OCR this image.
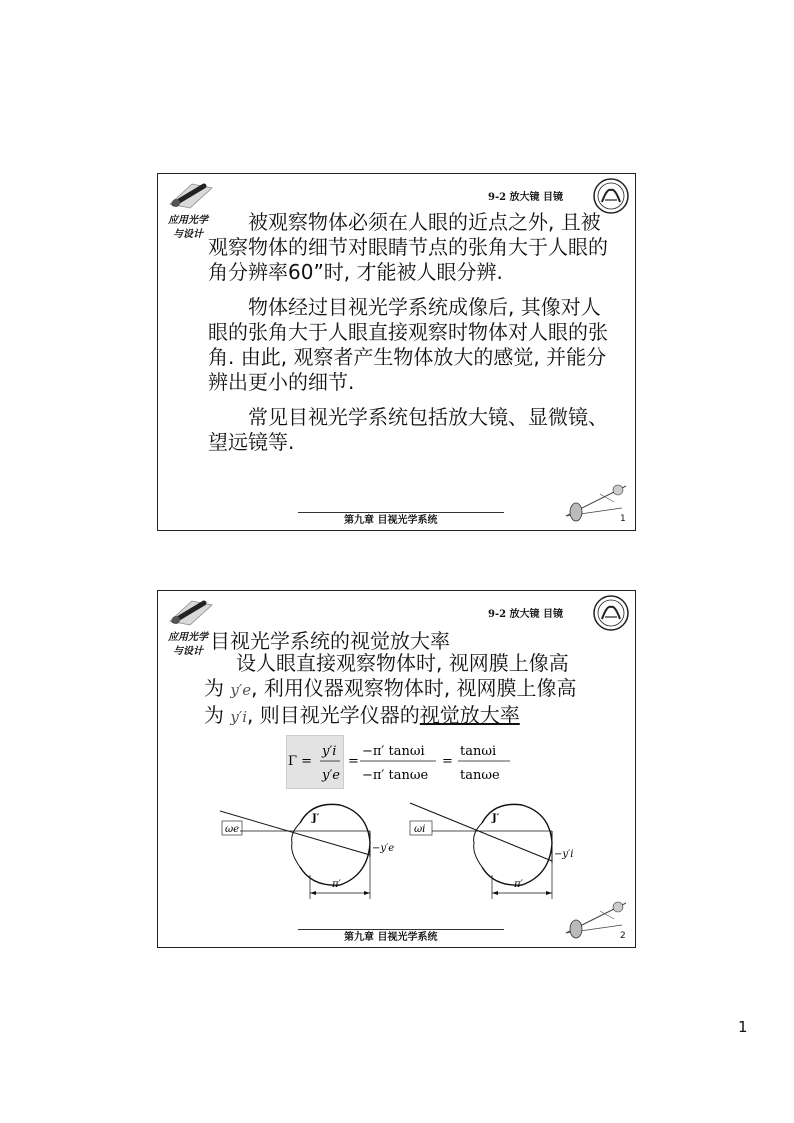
9-2 放大镜 目镜
应用光学
与设计

被观察物体必须在人眼的近点之外, 且被观察物体的细节对眼睛节点的张角大于人眼的角分辨率60”时, 才能被人眼分辨.

物体经过目视光学系统成像后, 其像对人眼的张角大于人眼直接观察时物体对人眼的张角. 由此, 观察者产生物体放大的感觉, 并能分辨出更小的细节.

常见目视光学系统包括放大镜、显微镜、望远镜等.

第九章 目视光学系统	1
9-2 放大镜 目镜
应用光学
与设计 目视光学系统的视觉放大率
设人眼直接观察物体时, 视网膜上像高
为 y′e, 利用仪器观察物体时, 视网膜上像高
为 y′i, 则目视光学仪器的视觉放大率
Γ =
y′i
y′e
=
−π′ tanωi
−π′ tanωe
=
tanωi
tanωe
ωe
J′
−y′e
π′
ωi
J′
−y′i
π′
第九章 目视光学系统	2
1
